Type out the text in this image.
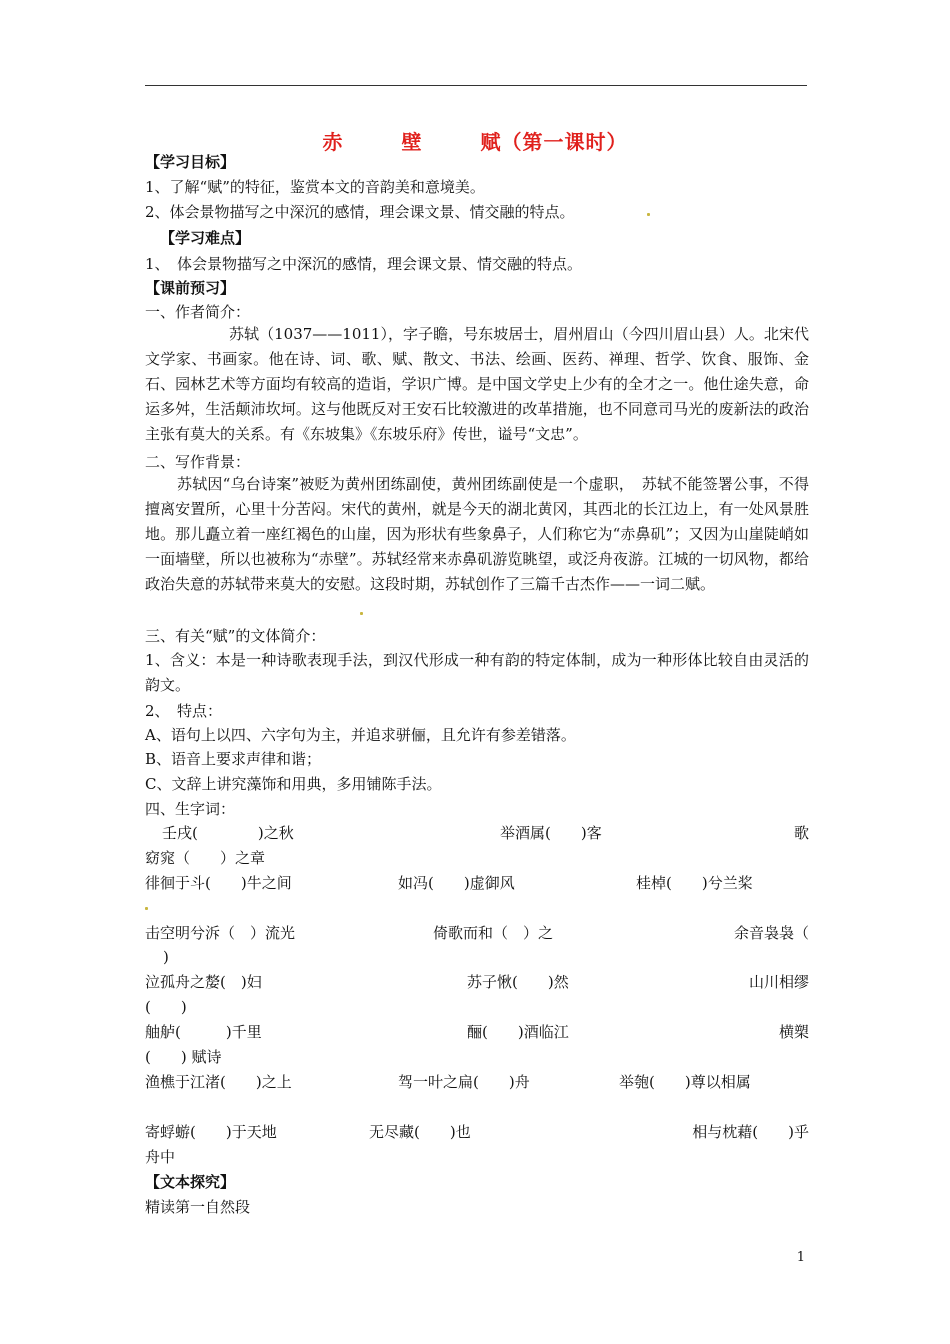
赤	壁	赋（第一课时）
【学习目标】
1、了解“赋”的特征，鉴赏本文的音韵美和意境美。
2、体会景物描写之中深沉的感情，理会课文景、情交融的特点。
【学习难点】
1、　体会景物描写之中深沉的感情，理会课文景、情交融的特点。
【课前预习】
一、作者简介：
苏轼（1037——1011），字子瞻，号东坡居士，眉州眉山（今四川眉山县）人。北宋代文学家、书画家。他在诗、词、歌、赋、散文、书法、绘画、医药、禅理、哲学、饮食、服饰、金石、园林艺术等方面均有较高的造诣，学识广博。是中国文学史上少有的全才之一。他仕途失意，命运多舛，生活颠沛坎坷。这与他既反对王安石比较激进的改革措施，也不同意司马光的废新法的政治主张有莫大的关系。有《东坡集》《东坡乐府》传世，谥号“文忠”。
二、写作背景：
苏轼因“乌台诗案”被贬为黄州团练副使，黄州团练副使是一个虚职，　苏轼不能签署公事，不得擅离安置所，心里十分苦闷。宋代的黄州，就是今天的湖北黄冈，其西北的长江边上，有一处风景胜地。那儿矗立着一座红褐色的山崖，因为形状有些象鼻子，人们称它为“赤鼻矶”；又因为山崖陡峭如一面墙壁，所以也被称为“赤壁”。苏轼经常来赤鼻矶游览眺望，或泛舟夜游。江城的一切风物，都给政治失意的苏轼带来莫大的安慰。这段时期，苏轼创作了三篇千古杰作——一词二赋。
三、有关“赋”的文体简介：
1、含义：本是一种诗歌表现手法，到汉代形成一种有韵的特定体制，成为一种形体比较自由灵活的韵文。
2、　特点：
A、语句上以四、六字句为主，并追求骈俪，且允许有参差错落。
B、语音上要求声律和谐；
C、文辞上讲究藻饰和用典，多用铺陈手法。
四、生字词：
壬戌(　　　　)之秋	举酒属(　　)客	歌
窈窕（　　）之章
徘徊于斗(　　)牛之间	如冯(　　)虚御风	桂棹(　　)兮兰桨
击空明兮泝（　）流光	倚歌而和（　）之	余音袅袅（
)
泣孤舟之嫠(　)妇	苏子愀(　　)然	山川相缪
(　　)
舳舻(　　　)千里	酾(　　)酒临江	横槊
(　　) 赋诗
渔樵于江渚(　　)之上	驾一叶之扁(　　)舟	举匏(　　)尊以相属
寄蜉蝣(　　)于天地	无尽藏(　　)也	相与枕藉(　　)乎
舟中
【文本探究】
精读第一自然段
1
